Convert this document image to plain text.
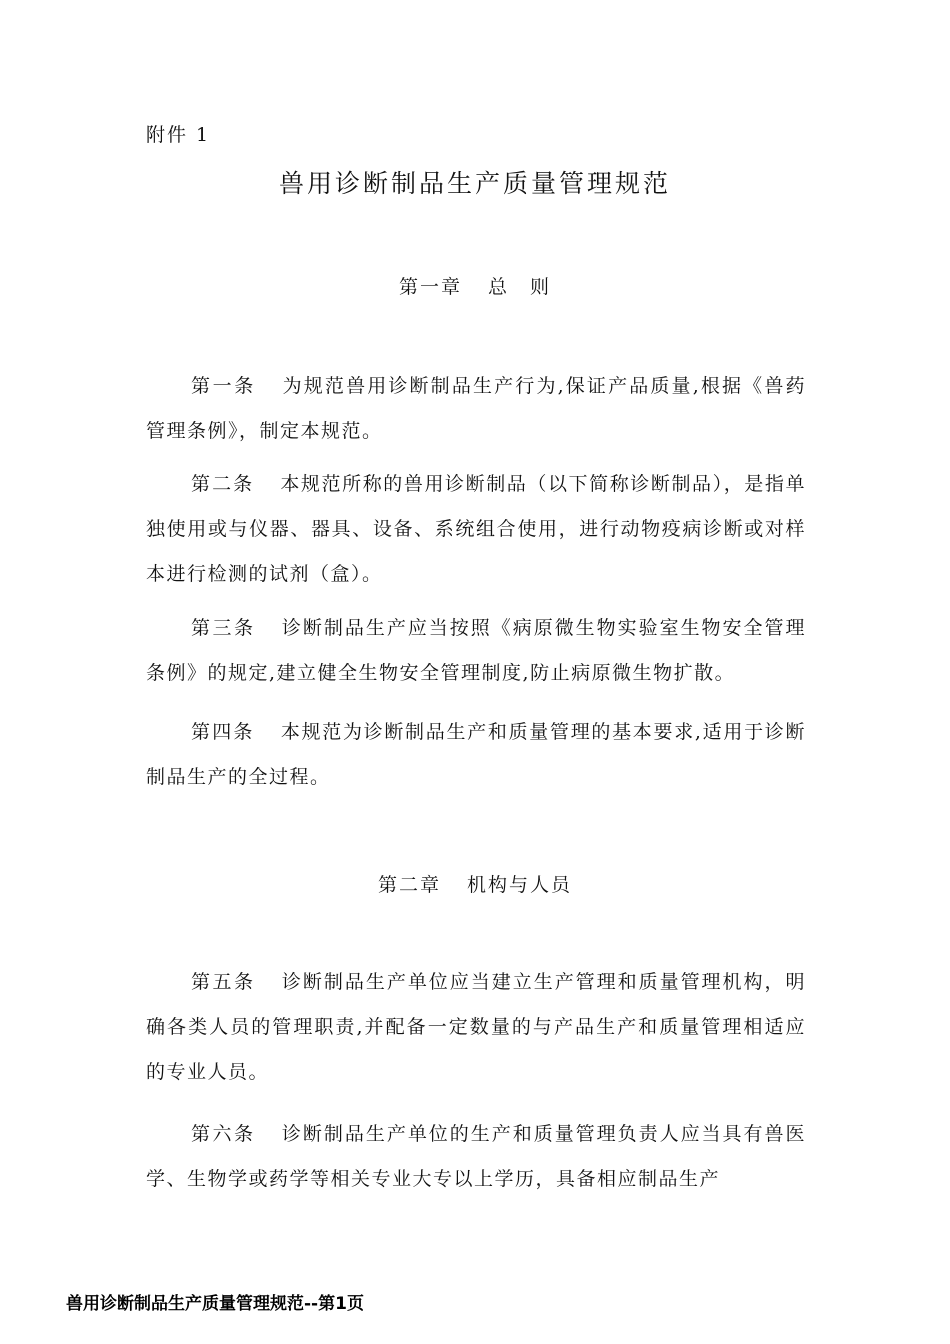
附件 1
兽用诊断制品生产质量管理规范
第一章 总　则
第一条 为规范兽用诊断制品生产行为,保证产品质量,根据《兽药管理条例》，制定本规范。
第二条 本规范所称的兽用诊断制品（以下简称诊断制品），是指单独使用或与仪器、器具、设备、系统组合使用，进行动物疫病诊断或对样本进行检测的试剂（盒）。
第三条 诊断制品生产应当按照《病原微生物实验室生物安全管理条例》的规定,建立健全生物安全管理制度,防止病原微生物扩散。
第四条 本规范为诊断制品生产和质量管理的基本要求,适用于诊断制品生产的全过程。
第二章 机构与人员
第五条 诊断制品生产单位应当建立生产管理和质量管理机构，明确各类人员的管理职责,并配备一定数量的与产品生产和质量管理相适应的专业人员。
第六条 诊断制品生产单位的生产和质量管理负责人应当具有兽医学、生物学或药学等相关专业大专以上学历，具备相应制品生产
兽用诊断制品生产质量管理规范--第1页
